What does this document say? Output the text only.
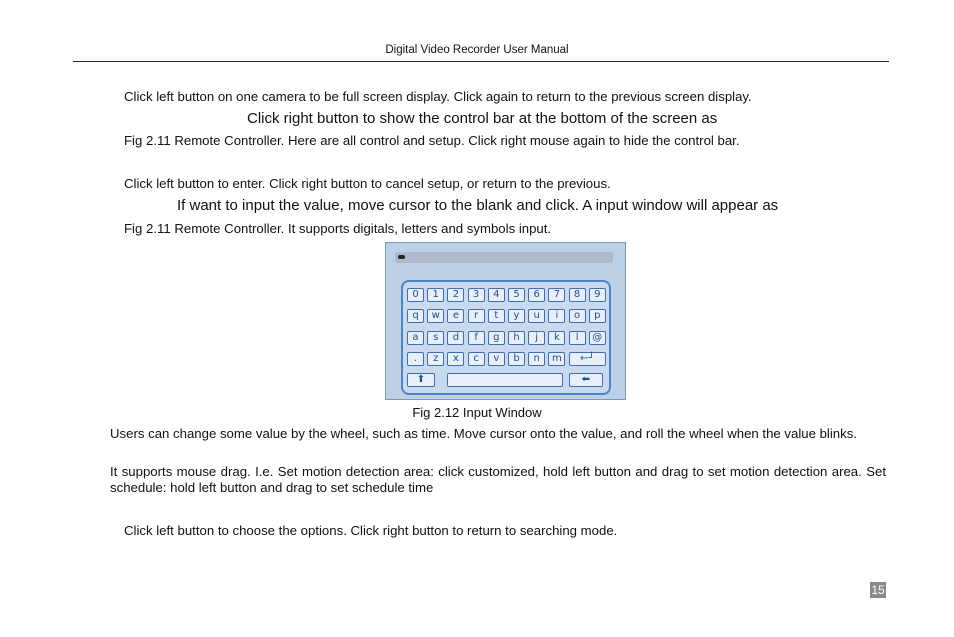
Digital Video Recorder User Manual
Click left button on one camera to be full screen display. Click again to return to the previous screen display.
Click right button to show the control bar at the bottom of the screen as
Fig 2.11 Remote Controller. Here are all control and setup. Click right mouse again to hide the control bar.
Click left button to enter. Click right button to cancel setup, or return to the previous.
If want to input the value, move cursor to the blank and click. A input window will appear as
Fig 2.11 Remote Controller. It supports digitals, letters and symbols input.
0	1	2	3	4	5	6	7	8	9
q	w	e	r	t	y	u	i	o	p
a	s	d	f	g	h	j	k	l	@
.	z	x	c	v	b	n	m	←┘
⬆	⬅
Fig 2.12 Input Window
Users can change some value by the wheel, such as time. Move cursor onto the value, and roll the wheel when the value blinks.
It supports mouse drag. I.e. Set motion detection area: click customized, hold left button and drag to set motion detection area. Set schedule: hold left button and drag to set schedule time
Click left button to choose the options. Click right button to return to searching mode.
15
